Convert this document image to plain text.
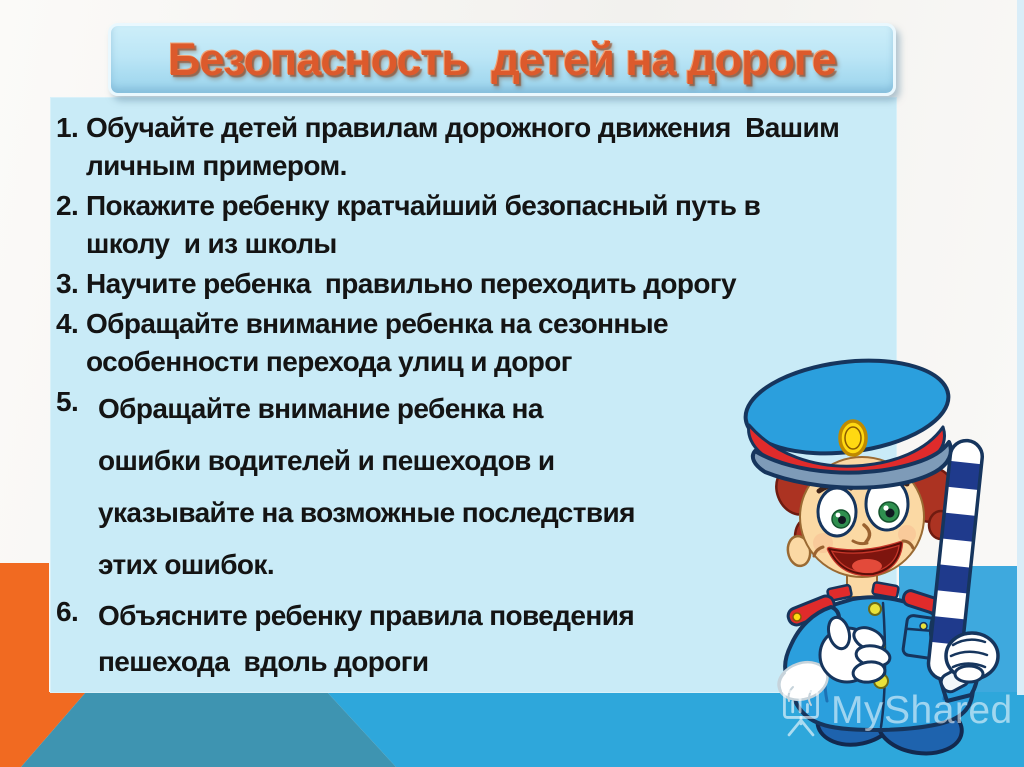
1. Обучайте детей правилам дорожного движения  Вашим
личным примером.
2. Покажите ребенку кратчайший безопасный путь в
школу  и из школы
3. Научите ребенка  правильно переходить дорогу
4. Обращайте внимание ребенка на сезонные
особенности перехода улиц и дорог
5. Обращайте внимание ребенка на
ошибки водителей и пешеходов и
указывайте на возможные последствия
этих ошибок.
6. Объясните ребенку правила поведения
пешехода  вдоль дороги
Безопасность  детей на дороге
MyShared
